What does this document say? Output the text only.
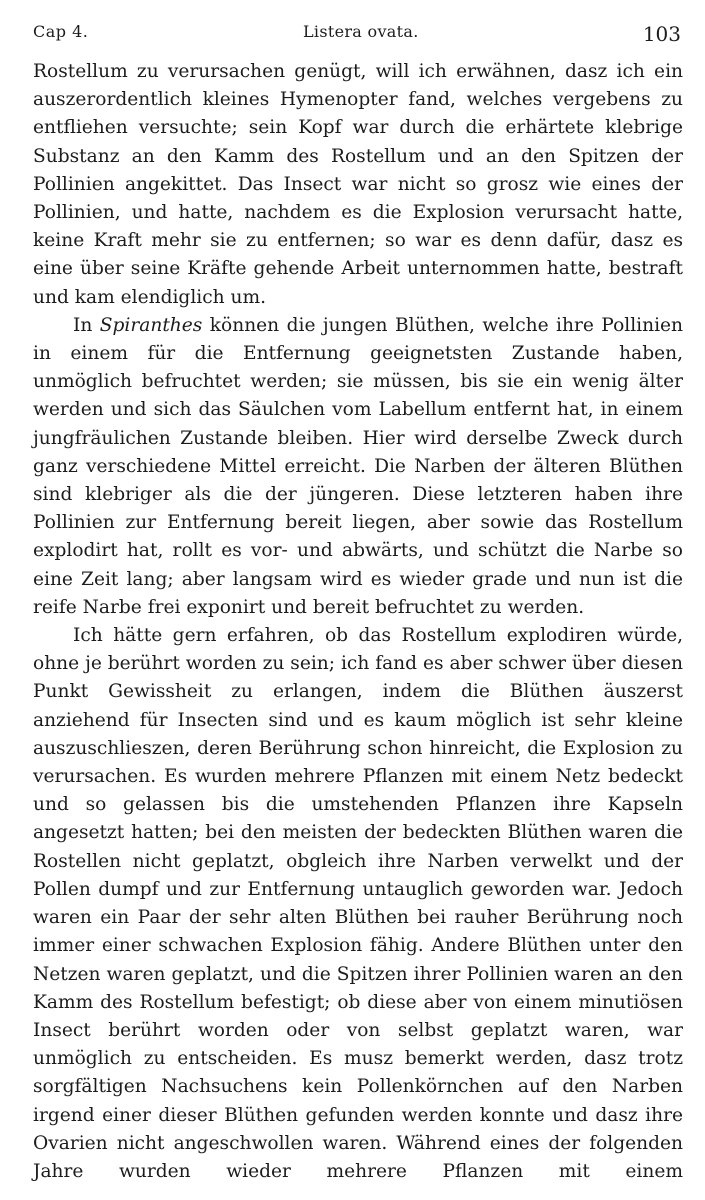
Cap 4.	Listera ovata.	103

Rostellum zu verursachen genügt, will ich erwähnen, dasz ich ein auszerordentlich kleines Hymenopter fand, welches vergebens zu entfliehen versuchte; sein Kopf war durch die erhärtete klebrige Substanz an den Kamm des Rostellum und an den Spitzen der Pollinien angekittet. Das Insect war nicht so grosz wie eines der Pollinien, und hatte, nachdem es die Explosion verursacht hatte, keine Kraft mehr sie zu entfernen; so war es denn dafür, dasz es eine über seine Kräfte gehende Arbeit unternommen hatte, bestraft und kam elendiglich um.

In Spiranthes können die jungen Blüthen, welche ihre Pollinien in einem für die Entfernung geeignetsten Zustande haben, unmöglich befruchtet werden; sie müssen, bis sie ein wenig älter werden und sich das Säulchen vom Labellum entfernt hat, in einem jungfräulichen Zustande bleiben. Hier wird derselbe Zweck durch ganz verschiedene Mittel erreicht. Die Narben der älteren Blüthen sind klebriger als die der jüngeren. Diese letzteren haben ihre Pollinien zur Entfernung bereit liegen, aber sowie das Rostellum explodirt hat, rollt es vor- und abwärts, und schützt die Narbe so eine Zeit lang; aber langsam wird es wieder grade und nun ist die reife Narbe frei exponirt und bereit befruchtet zu werden.

Ich hätte gern erfahren, ob das Rostellum explodiren würde, ohne je berührt worden zu sein; ich fand es aber schwer über diesen Punkt Gewissheit zu erlangen, indem die Blüthen äuszerst anziehend für Insecten sind und es kaum möglich ist sehr kleine auszuschlieszen, deren Berührung schon hinreicht, die Explosion zu verursachen. Es wurden mehrere Pflanzen mit einem Netz bedeckt und so gelassen bis die umstehenden Pflanzen ihre Kapseln angesetzt hatten; bei den meisten der bedeckten Blüthen waren die Rostellen nicht geplatzt, obgleich ihre Narben verwelkt und der Pollen dumpf und zur Entfernung untauglich geworden war. Jedoch waren ein Paar der sehr alten Blüthen bei rauher Berührung noch immer einer schwachen Explosion fähig. Andere Blüthen unter den Netzen waren geplatzt, und die Spitzen ihrer Pollinien waren an den Kamm des Rostellum befestigt; ob diese aber von einem minutiösen Insect berührt worden oder von selbst geplatzt waren, war unmöglich zu entscheiden. Es musz bemerkt werden, dasz trotz sorgfältigen Nachsuchens kein Pollenkörnchen auf den Narben irgend einer dieser Blüthen gefunden werden konnte und dasz ihre Ovarien nicht angeschwollen waren. Während eines der folgenden Jahre wurden wieder mehrere Pflanzen mit einem
